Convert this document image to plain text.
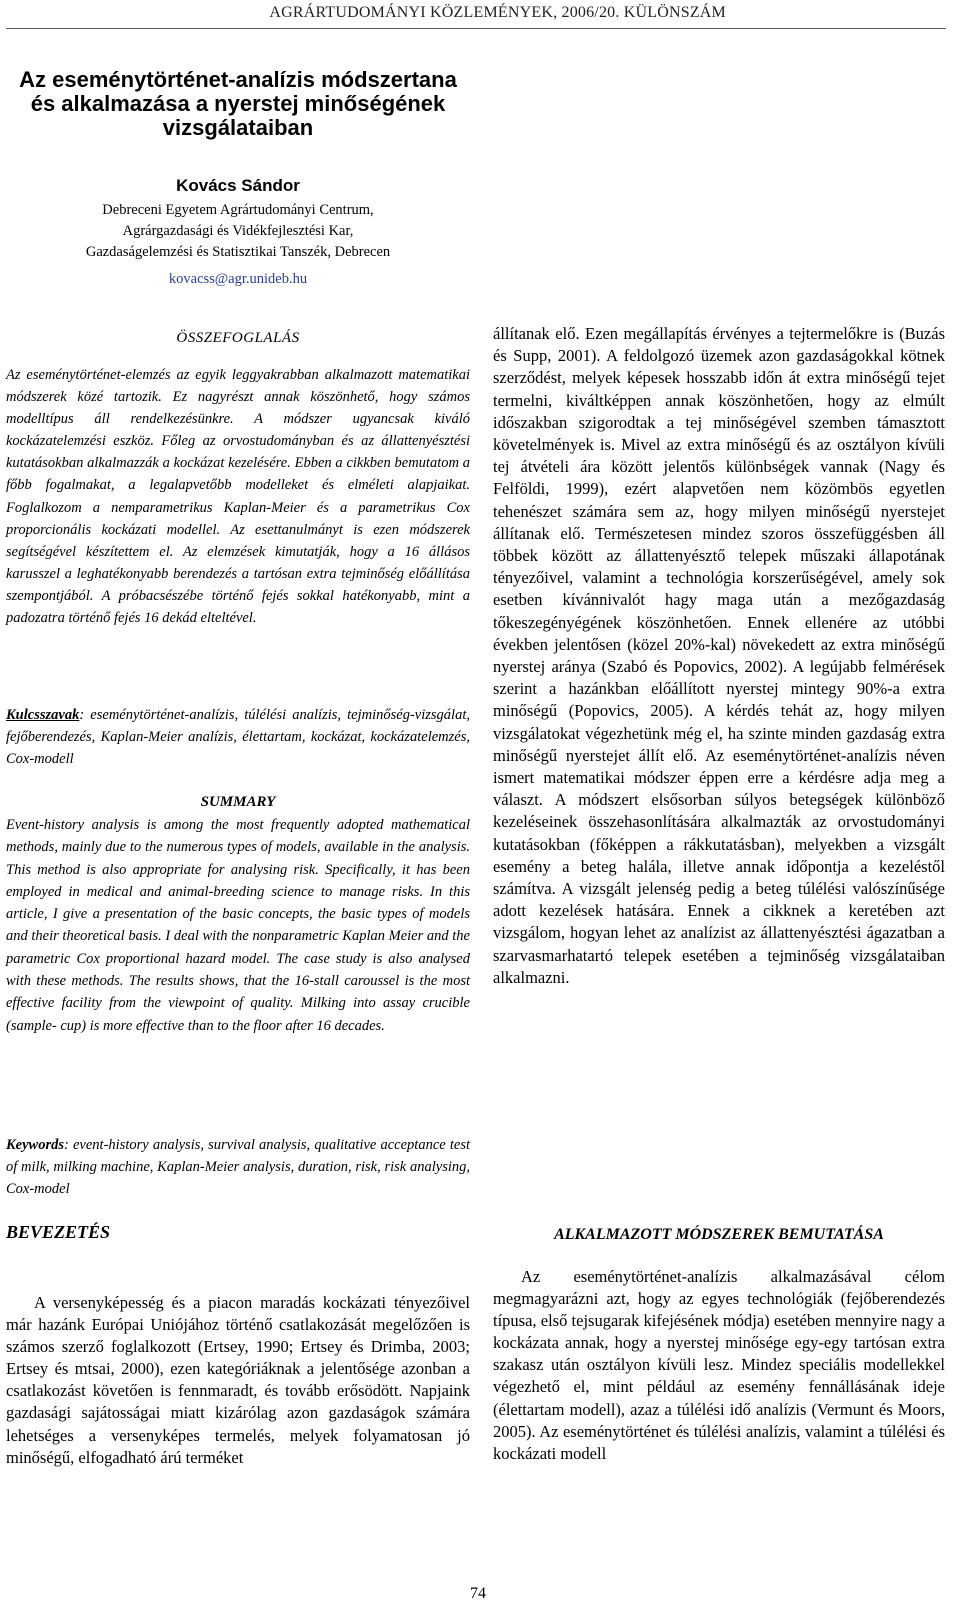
AGRÁRTUDOMÁNYI KÖZLEMÉNYEK, 2006/20. KÜLÖNSZÁM
Az eseménytörténet-analízis módszertana
és alkalmazása a nyerstej minőségének
vizsgálataiban
Kovács Sándor
Debreceni Egyetem Agrártudományi Centrum,
Agrárgazdasági és Vidékfejlesztési Kar,
Gazdaságelemzési és Statisztikai Tanszék, Debrecen
kovacss@agr.unideb.hu
ÖSSZEFOGLALÁS

Az eseménytörténet-elemzés az egyik leggyakrabban alkalmazott matematikai módszerek közé tartozik. Ez nagyrészt annak köszönhető, hogy számos modelltípus áll rendelkezésünkre. A módszer ugyancsak kiváló kockázatelemzési eszköz. Főleg az orvostudományban és az állattenyésztési kutatásokban alkalmazzák a kockázat kezelésére. Ebben a cikkben bemutatom a főbb fogalmakat, a legalapvetőbb modelleket és elméleti alapjaikat. Foglalkozom a nemparametrikus Kaplan-Meier és a parametrikus Cox proporcionális kockázati modellel. Az esettanulmányt is ezen módszerek segítségével készítettem el. Az elemzések kimutatják, hogy a 16 állásos karusszel a leghatékonyabb berendezés a tartósan extra tejminőség előállítása szempontjából. A próbacsészébe történő fejés sokkal hatékonyabb, mint a padozatra történő fejés 16 dekád elteltével.

Kulcsszavak: eseménytörténet-analízis, túlélési analízis, tejminőség-vizsgálat, fejőberendezés, Kaplan-Meier analízis, élettartam, kockázat, kockázatelemzés, Cox-modell

SUMMARY

Event-history analysis is among the most frequently adopted mathematical methods, mainly due to the numerous types of models, available in the analysis. This method is also appropriate for analysing risk. Specifically, it has been employed in medical and animal-breeding science to manage risks. In this article, I give a presentation of the basic concepts, the basic types of models and their theoretical basis. I deal with the nonparametric Kaplan Meier and the parametric Cox proportional hazard model. The case study is also analysed with these methods. The results shows, that the 16-stall caroussel is the most effective facility from the viewpoint of quality. Milking into assay crucible (sample- cup) is more effective than to the floor after 16 decades.

Keywords: event-history analysis, survival analysis, qualitative acceptance test of milk, milking machine, Kaplan-Meier analysis, duration, risk, risk analysing, Cox-model

BEVEZETÉS

A versenyképesség és a piacon maradás kockázati tényezőivel már hazánk Európai Uniójához történő csatlakozását megelőzően is számos szerző foglalkozott (Ertsey, 1990; Ertsey és Drimba, 2003; Ertsey és mtsai, 2000), ezen kategóriáknak a jelentősége azonban a csatlakozást követően is fennmaradt, és tovább erősödött. Napjaink gazdasági sajátosságai miatt kizárólag azon gazdaságok számára lehetséges a versenyképes termelés, melyek folyamatosan jó minőségű, elfogadható árú terméket

állítanak elő. Ezen megállapítás érvényes a tejtermelőkre is (Buzás és Supp, 2001). A feldolgozó üzemek azon gazdaságokkal kötnek szerződést, melyek képesek hosszabb időn át extra minőségű tejet termelni, kiváltképpen annak köszönhetően, hogy az elmúlt időszakban szigorodtak a tej minőségével szemben támasztott követelmények is. Mivel az extra minőségű és az osztályon kívüli tej átvételi ára között jelentős különbségek vannak (Nagy és Felföldi, 1999), ezért alapvetően nem közömbös egyetlen tehenészet számára sem az, hogy milyen minőségű nyerstejet állítanak elő. Természetesen mindez szoros összefüggésben áll többek között az állattenyésztő telepek műszaki állapotának tényezőivel, valamint a technológia korszerűségével, amely sok esetben kívánnivalót hagy maga után a mezőgazdaság tőkeszegényégének köszönhetően. Ennek ellenére az utóbbi években jelentősen (közel 20%-kal) növekedett az extra minőségű nyerstej aránya (Szabó és Popovics, 2002). A legújabb felmérések szerint a hazánkban előállított nyerstej mintegy 90%-a extra minőségű (Popovics, 2005). A kérdés tehát az, hogy milyen vizsgálatokat végezhetünk még el, ha szinte minden gazdaság extra minőségű nyerstejet állít elő. Az eseménytörténet-analízis néven ismert matematikai módszer éppen erre a kérdésre adja meg a választ. A módszert elsősorban súlyos betegségek különböző kezeléseinek összehasonlítására alkalmazták az orvostudományi kutatásokban (főképpen a rákkutatásban), melyekben a vizsgált esemény a beteg halála, illetve annak időpontja a kezeléstől számítva. A vizsgált jelenség pedig a beteg túlélési valószínűsége adott kezelések hatására. Ennek a cikknek a keretében azt vizsgálom, hogyan lehet az analízist az állattenyésztési ágazatban a szarvasmarhatartó telepek esetében a tejminőség vizsgálataiban alkalmazni.

ALKALMAZOTT MÓDSZEREK BEMUTATÁSA

Az eseménytörténet-analízis alkalmazásával célom megmagyarázni azt, hogy az egyes technológiák (fejőberendezés típusa, első tejsugarak kifejésének módja) esetében mennyire nagy a kockázata annak, hogy a nyerstej minősége egy-egy tartósan extra szakasz után osztályon kívüli lesz. Mindez speciális modellekkel végezhető el, mint például az esemény fennállásának ideje (élettartam modell), azaz a túlélési idő analízis (Vermunt és Moors, 2005). Az eseménytörténet és túlélési analízis, valamint a túlélési és kockázati modell

74
